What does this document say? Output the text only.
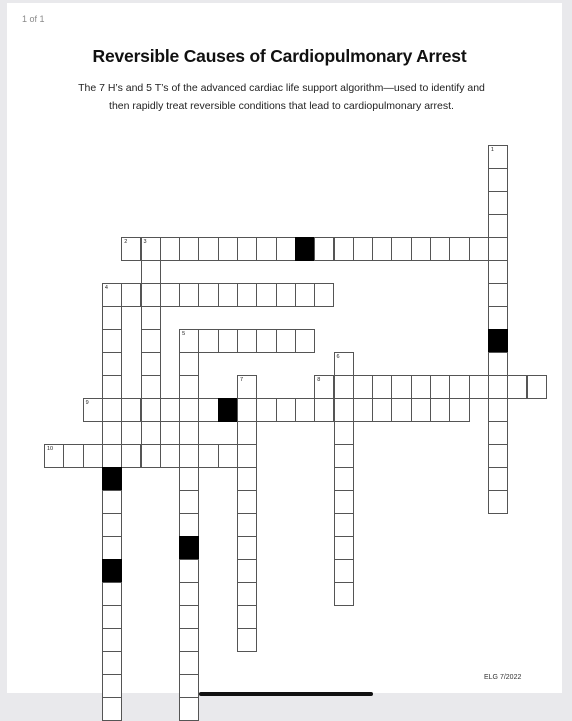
1 of 1
Reversible Causes of Cardiopulmonary Arrest
The 7 H’s and 5 T’s of the advanced cardiac life support algorithm—used to identify and then rapidly treat reversible conditions that lead to cardiopulmonary arrest.
2	3
4
5
8
9
10
1
6
7
ELG 7/2022
